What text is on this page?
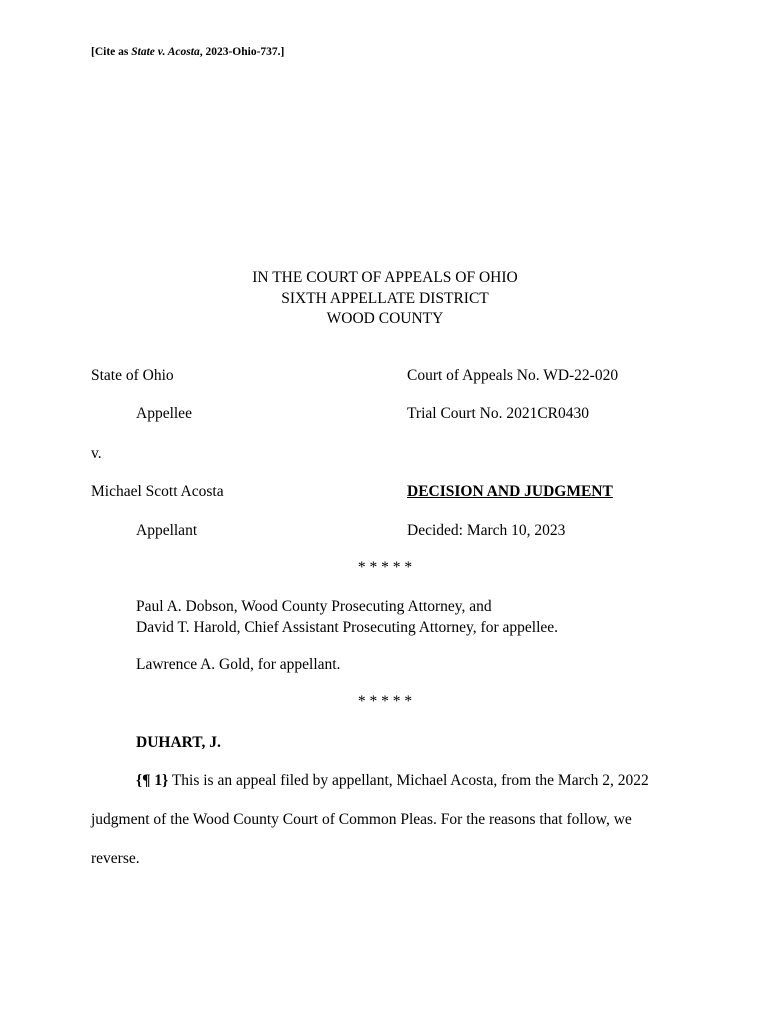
[Cite as State v. Acosta, 2023-Ohio-737.]
IN THE COURT OF APPEALS OF OHIO
SIXTH APPELLATE DISTRICT
WOOD COUNTY
State of Ohio
Appellee
v.
Michael Scott Acosta
Appellant
Court of Appeals No. WD-22-020
Trial Court No. 2021CR0430
DECISION AND JUDGMENT
Decided: March 10, 2023
* * * * *
Paul A. Dobson, Wood County Prosecuting Attorney, and
David T. Harold, Chief Assistant Prosecuting Attorney, for appellee.
Lawrence A. Gold, for appellant.
* * * * *
DUHART, J.
{¶ 1} This is an appeal filed by appellant, Michael Acosta, from the March 2, 2022
judgment of the Wood County Court of Common Pleas. For the reasons that follow, we
reverse.
